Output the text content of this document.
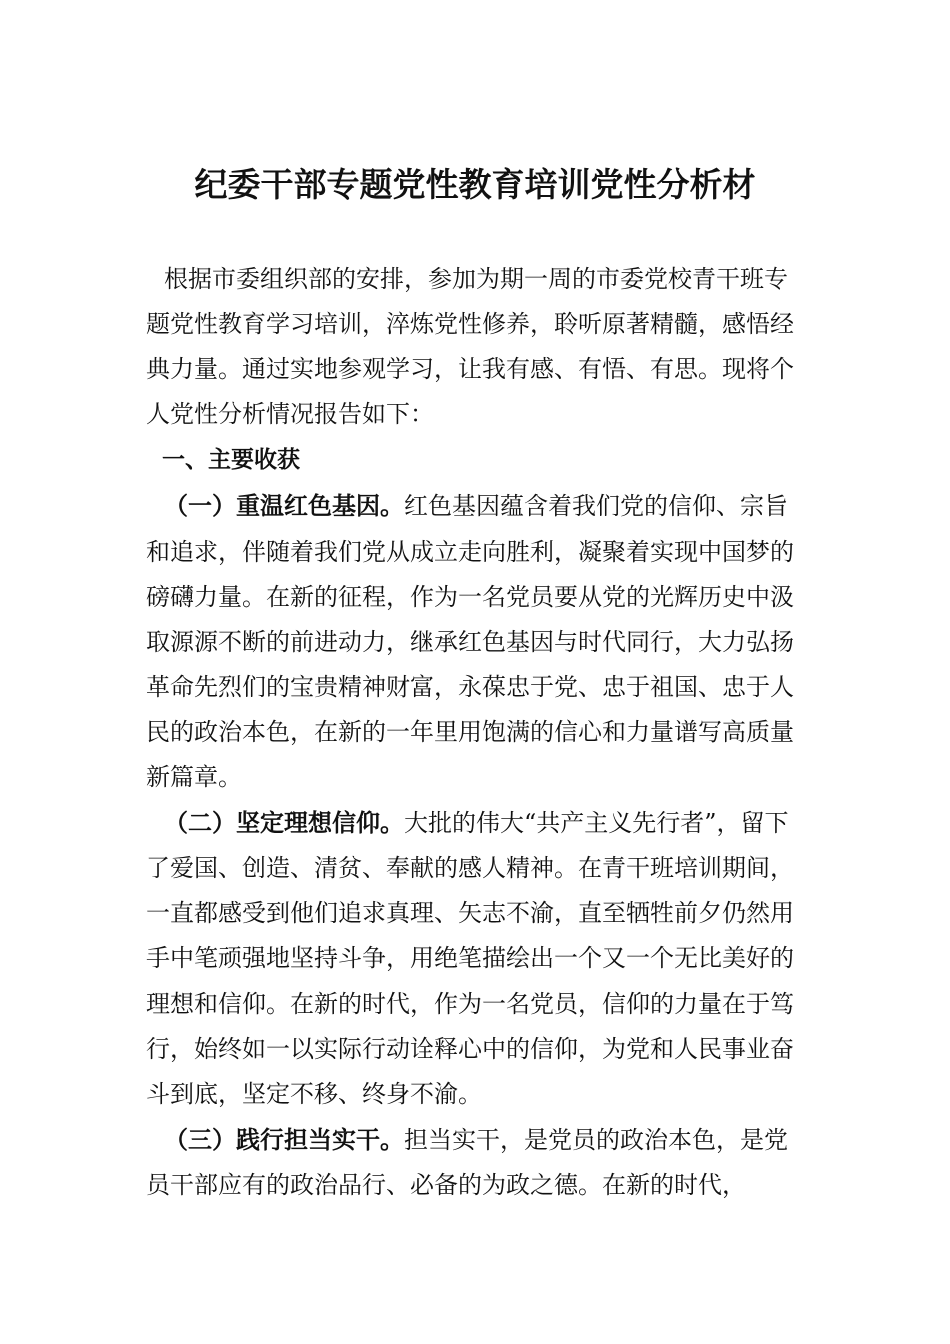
纪委干部专题党性教育培训党性分析材

根据市委组织部的安排，参加为期一周的市委党校青干班专题党性教育学习培训，淬炼党性修养，聆听原著精髓，感悟经典力量。通过实地参观学习，让我有感、有悟、有思。现将个人党性分析情况报告如下：

一、主要收获

（一）重温红色基因。红色基因蕴含着我们党的信仰、宗旨和追求，伴随着我们党从成立走向胜利，凝聚着实现中国梦的磅礴力量。在新的征程，作为一名党员要从党的光辉历史中汲取源源不断的前进动力，继承红色基因与时代同行，大力弘扬革命先烈们的宝贵精神财富，永葆忠于党、忠于祖国、忠于人民的政治本色，在新的一年里用饱满的信心和力量谱写高质量新篇章。

（二）坚定理想信仰。大批的伟大“共产主义先行者”，留下了爱国、创造、清贫、奉献的感人精神。在青干班培训期间，一直都感受到他们追求真理、矢志不渝，直至牺牲前夕仍然用手中笔顽强地坚持斗争，用绝笔描绘出一个又一个无比美好的理想和信仰。在新的时代，作为一名党员，信仰的力量在于笃行，始终如一以实际行动诠释心中的信仰，为党和人民事业奋斗到底，坚定不移、终身不渝。

（三）践行担当实干。担当实干，是党员的政治本色，是党员干部应有的政治品行、必备的为政之德。在新的时代，
